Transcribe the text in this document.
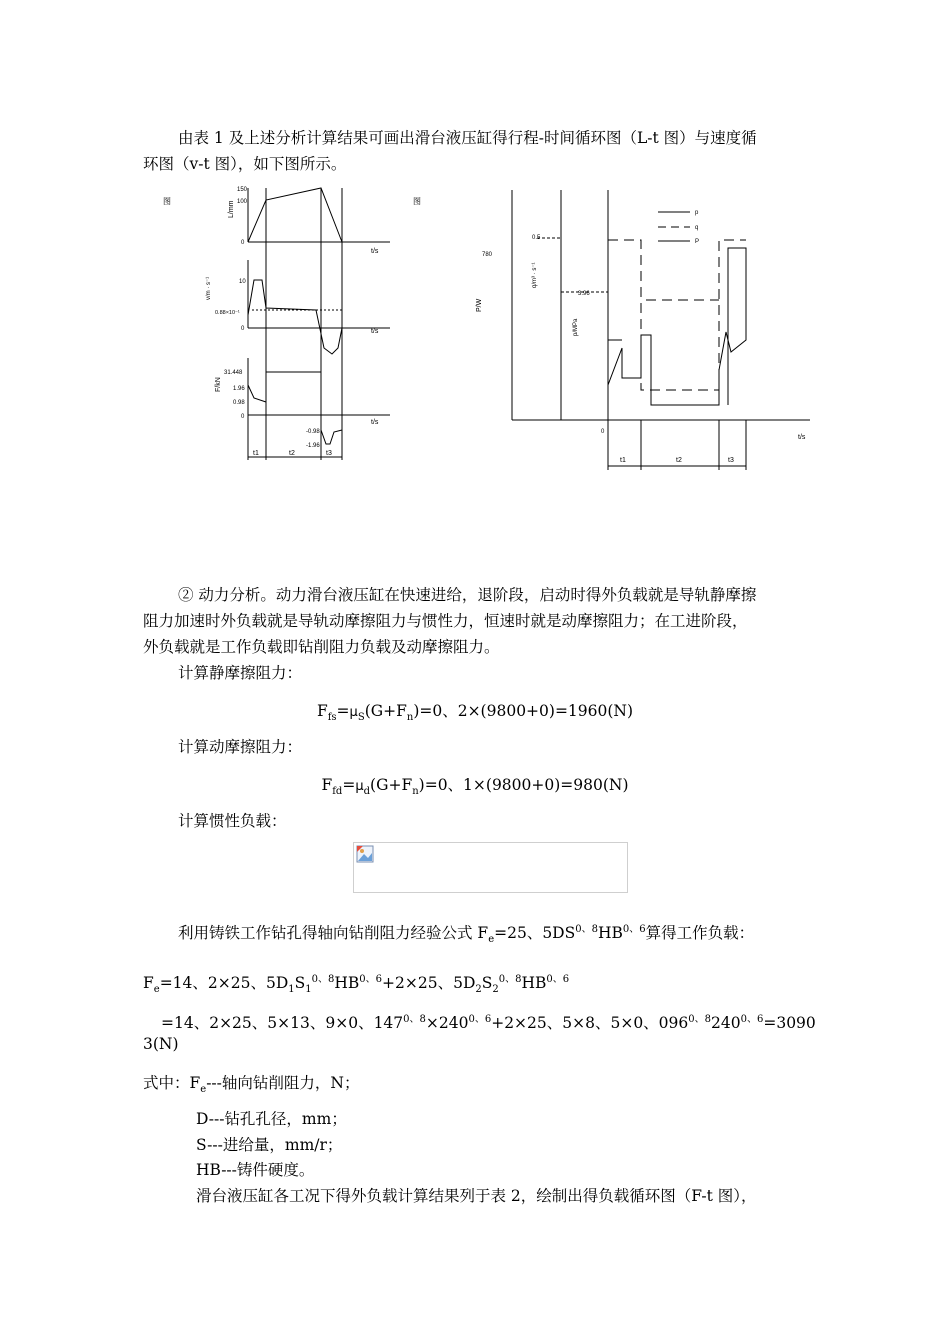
由表 1 及上述分析计算结果可画出滑台液压缸得行程-时间循环图（L-t 图）与速度循
环图（v-t 图），如下图所示。
图	L/mm
150
100
0
t/s
v/m · s⁻¹	10
0.88×10⁻¹
0	t/s
F/kN
31.448
1.96
0.98
0
-0.98
-1.96
t/s
t1	t2	t3
图
780
P/W
0.5
q/m³ · s⁻¹
3.96
p/MPa
0
t/s
p
q
P
t1	t2	t3
② 动力分析。动力滑台液压缸在快速进给，退阶段，启动时得外负载就是导轨静摩擦
阻力加速时外负载就是导轨动摩擦阻力与惯性力，恒速时就是动摩擦阻力；在工进阶段，
外负载就是工作负载即钻削阻力负载及动摩擦阻力。
计算静摩擦阻力：
$F_{fs}=\mu_S(G+F_n)=0$、2×(9800+0)=1960(N)
计算动摩擦阻力：
$F_{fd}=\mu_d(G+F_n)=0$、1×(9800+0)=980(N)
计算惯性负载：
利用铸铁工作钻孔得轴向钻削阻力经验公式 $F_e=25$、$5DS^{0、8}HB^{0、6}$算得工作负载：
$F_e=14$、2×25、$5D_1S_1^{0、8}HB^{0、6}+2\times 25$、$5D_2S_2^{0、8}HB^{0、6}$
=14、2×25、5×13、9×0、$147^{0、8}\times 240^{0、6}+2\times 25$、5×8、5×0、$096^{0、8}240^{0、6}=3090$
3(N)
式中：$F_e---$轴向钻削阻力，N；
D---钻孔孔径，mm；
S---进给量，mm/r；
HB---铸件硬度。
滑台液压缸各工况下得外负载计算结果列于表 2，绘制出得负载循环图（F-t 图），
